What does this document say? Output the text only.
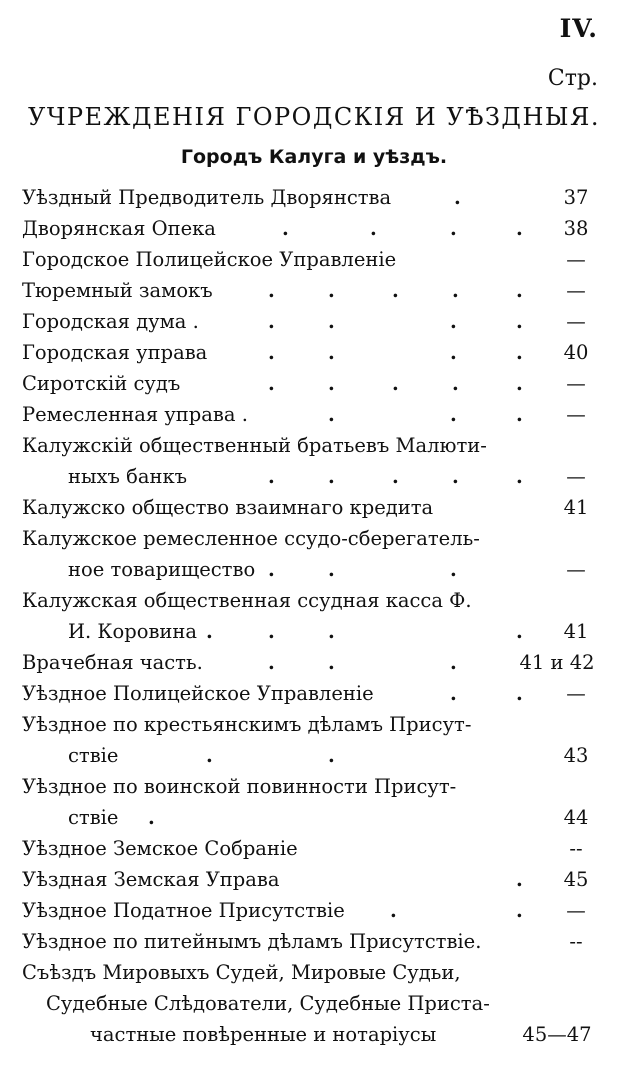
IV.
Стр.
УЧРЕЖДЕНІЯ ГОРОДСКІЯ И УѢЗДНЫЯ.
Городъ Калуга и уѣздъ.
Уѣздный Предводитель Дворянства	.	37
Дворянская Опека	.	.	.	.	38
Городское Полицейское Управленіе	—
Тюремный замокъ	.	.	.	.	.	—
Городская дума .	.	.	.	.	—
Городская управа	.	.	.	.	40
Сиротскій судъ	.	.	.	.	.	—
Ремесленная управа .	.	.	.	—
Калужскій общественный братьевъ Малюти-
ныхъ банкъ	.	.	.	.	.	—
Калужско общество взаимнаго кредита	41
Калужское ремесленное ссудо-сберегатель-
ное товарищество .	.	.	—
Калужская общественная ссудная касса Ф.
И. Коровина .	.	.	.	41
Врачебная часть.	.	.	.	41 и 42
Уѣздное Полицейское Управленіе	.	.	—
Уѣздное по крестьянскимъ дѣламъ Присут-
ствіе	.	.	43
Уѣздное по воинской повинности Присут-
ствіе .	44
Уѣздное Земское Собраніе	--
Уѣздная Земская Управа	.	45
Уѣздное Податное Присутствіе .	.	—
Уѣздное по питейнымъ дѣламъ Присутствіе.	--
Съѣздъ Мировыхъ Судей, Мировые Судьи,
Судебные Слѣдователи, Судебные Приста-
частные повѣренные и нотаріусы	45—47
